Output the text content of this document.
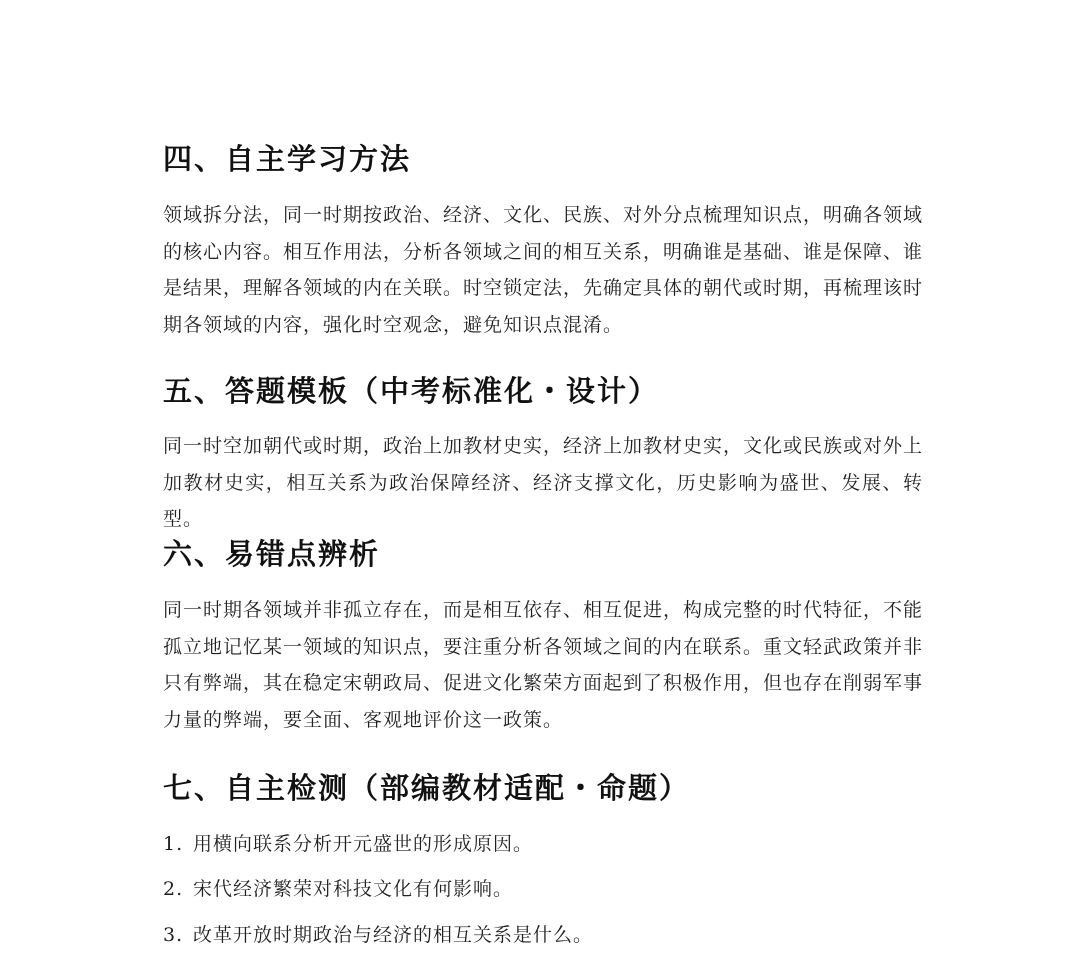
四、自主学习方法

领域拆分法，同一时期按政治、经济、文化、民族、对外分点梳理知识点，明确各领域的核心内容。相互作用法，分析各领域之间的相互关系，明确谁是基础、谁是保障、谁是结果，理解各领域的内在关联。时空锁定法，先确定具体的朝代或时期，再梳理该时期各领域的内容，强化时空观念，避免知识点混淆。

五、答题模板（中考标准化・设计）

同一时空加朝代或时期，政治上加教材史实，经济上加教材史实，文化或民族或对外上加教材史实，相互关系为政治保障经济、经济支撑文化，历史影响为盛世、发展、转型。

六、易错点辨析

同一时期各领域并非孤立存在，而是相互依存、相互促进，构成完整的时代特征，不能孤立地记忆某一领域的知识点，要注重分析各领域之间的内在联系。重文轻武政策并非只有弊端，其在稳定宋朝政局、促进文化繁荣方面起到了积极作用，但也存在削弱军事力量的弊端，要全面、客观地评价这一政策。

七、自主检测（部编教材适配・命题）

1. 用横向联系分析开元盛世的形成原因。

2. 宋代经济繁荣对科技文化有何影响。

3. 改革开放时期政治与经济的相互关系是什么。
